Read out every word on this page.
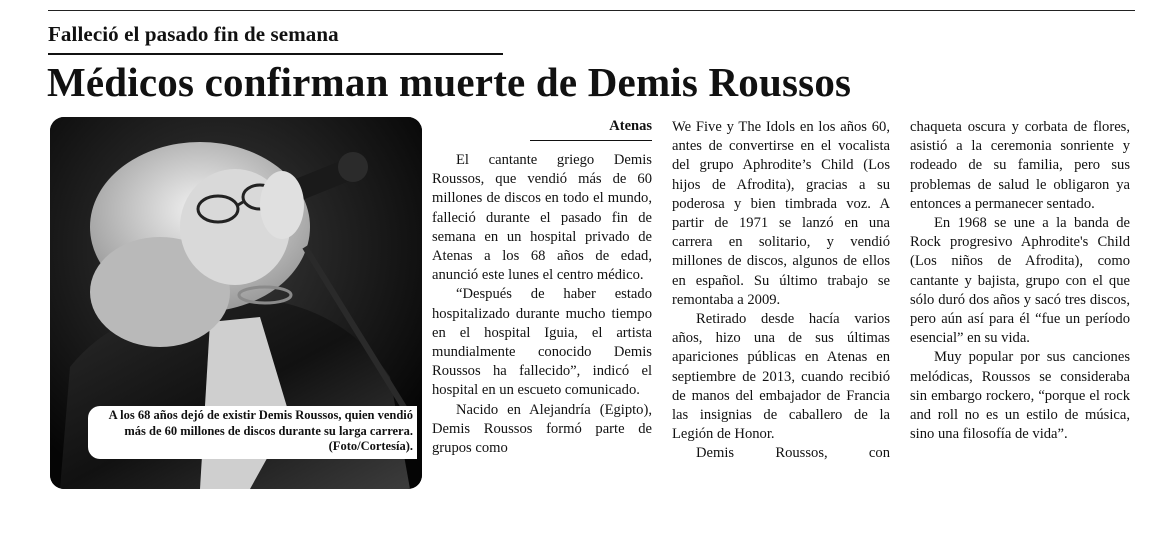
Falleció el pasado fin de semana
Médicos confirman muerte de Demis Roussos
A los 68 años dejó de existir Demis Roussos, quien vendió más de 60 millones de discos durante su larga carrera. (Foto/Cortesía).
Atenas

El cantante griego Demis Roussos, que vendió más de 60 millones de discos en todo el mundo, falleció durante el pasado fin de semana en un hospital privado de Atenas a los 68 años de edad, anunció este lunes el centro médico.

“Después de haber estado hospitalizado durante mucho tiempo en el hospital Iguia, el artista mundialmente conocido Demis Roussos ha fallecido”, indicó el hospital en un escueto comunicado.

Nacido en Alejandría (Egipto), Demis Roussos formó parte de grupos como

We Five y The Idols en los años 60, antes de convertirse en el vocalista del grupo Aphrodite’s Child (Los hijos de Afrodita), gracias a su poderosa y bien timbrada voz. A partir de 1971 se lanzó en una carrera en solitario, y vendió millones de discos, algunos de ellos en español. Su último trabajo se remontaba a 2009.

Retirado desde hacía varios años, hizo una de sus últimas apariciones públicas en Atenas en septiembre de 2013, cuando recibió de manos del embajador de Francia las insignias de caballero de la Legión de Honor.

Demis Roussos, con

chaqueta oscura y corbata de flores, asistió a la ceremonia sonriente y rodeado de su familia, pero sus problemas de salud le obligaron ya entonces a permanecer sentado.

En 1968 se une a la banda de Rock progresivo Aphrodite's Child (Los niños de Afrodita), como cantante y bajista, grupo con el que sólo duró dos años y sacó tres discos, pero aún así para él “fue un período esencial” en su vida.

Muy popular por sus canciones melódicas, Roussos se consideraba sin embargo rockero, “porque el rock and roll no es un estilo de música, sino una filosofía de vida”.
